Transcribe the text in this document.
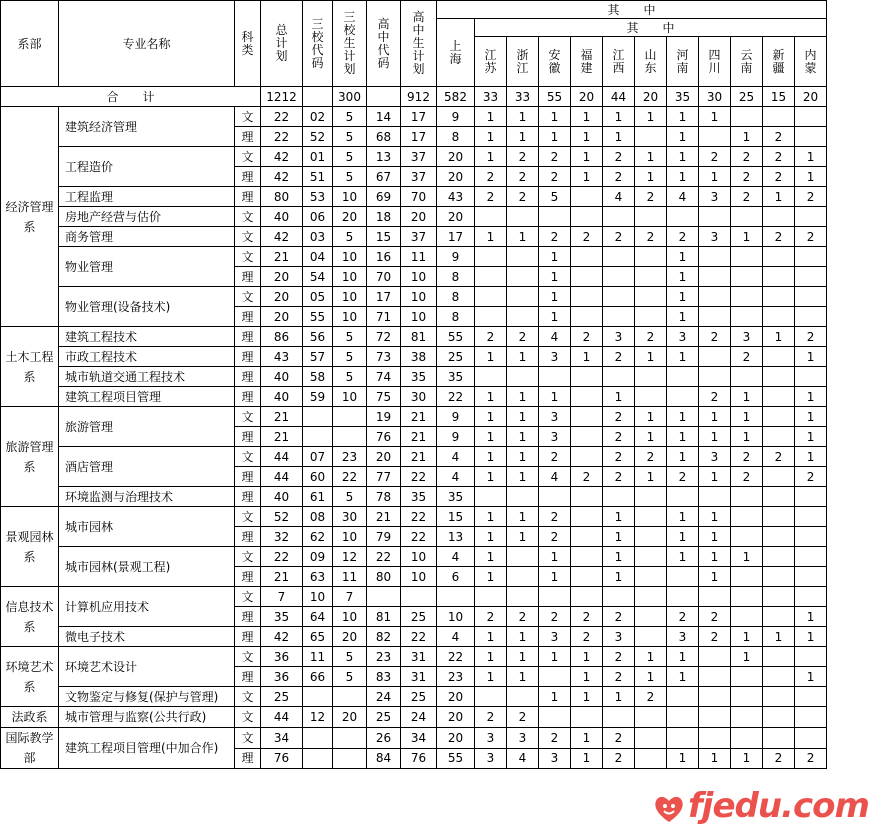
系部	专业名称	科类	总计划	三校代码	三校生计划	高中代码	高中生计划	其　　中											
								上海	其　　中										
									江苏	浙江	安徽	福建	江西	山东	河南	四川	云南	新疆	内蒙
合　　计			1212		300		912	582	33	33	55	20	44	20	35	30	25	15	20
经济管理系	建筑经济管理	文	22	02	5	14	17	9	1	1	1	1	1	1	1	1			
		理	22	52	5	68	17	8	1	1	1	1	1		1		1	2	
	工程造价	文	42	01	5	13	37	20	1	2	2	1	2	1	1	2	2	2	1
		理	42	51	5	67	37	20	2	2	2	1	2	1	1	1	2	2	1
	工程监理	理	80	53	10	69	70	43	2	2	5		4	2	4	3	2	1	2
	房地产经营与估价	文	40	06	20	18	20	20											
	商务管理	文	42	03	5	15	37	17	1	1	2	2	2	2	2	3	1	2	2
	物业管理	文	21	04	10	16	11	9			1				1				
		理	20	54	10	70	10	8			1				1				
	物业管理(设备技术)	文	20	05	10	17	10	8			1				1				
		理	20	55	10	71	10	8			1				1				
土木工程系	建筑工程技术	理	86	56	5	72	81	55	2	2	4	2	3	2	3	2	3	1	2
	市政工程技术	理	43	57	5	73	38	25	1	1	3	1	2	1	1		2		1
	城市轨道交通工程技术	理	40	58	5	74	35	35											
	建筑工程项目管理	理	40	59	10	75	30	22	1	1	1		1			2	1		1
旅游管理系	旅游管理	文	21			19	21	9	1	1	3		2	1	1	1	1		1
		理	21			76	21	9	1	1	3		2	1	1	1	1		1
	酒店管理	文	44	07	23	20	21	4	1	1	2		2	2	1	3	2	2	1
		理	44	60	22	77	22	4	1	1	4	2	2	1	2	1	2		2
	环境监测与治理技术	理	40	61	5	78	35	35											
景观园林系	城市园林	文	52	08	30	21	22	15	1	1	2		1		1	1			
		理	32	62	10	79	22	13	1	1	2		1		1	1			
	城市园林(景观工程)	文	22	09	12	22	10	4	1		1		1		1	1	1		
		理	21	63	11	80	10	6	1		1		1			1			
信息技术系	计算机应用技术	文	7	10	7														
		理	35	64	10	81	25	10	2	2	2	2	2		2	2			1
	微电子技术	理	42	65	20	82	22	4	1	1	3	2	3		3	2	1	1	1
环境艺术系	环境艺术设计	文	36	11	5	23	31	22	1	1	1	1	2	1	1		1		
		理	36	66	5	83	31	23	1	1		1	2	1	1				1
	文物鉴定与修复(保护与管理)	文	25			24	25	20			1	1	1	2					
法政系	城市管理与监察(公共行政)	文	44	12	20	25	24	20	2	2									
国际教学部	建筑工程项目管理(中加合作)	文	34			26	34	20	3	3	2	1	2						
		理	76			84	76	55	3	4	3	1	2		1	1	1	2	2
fjedu.com
